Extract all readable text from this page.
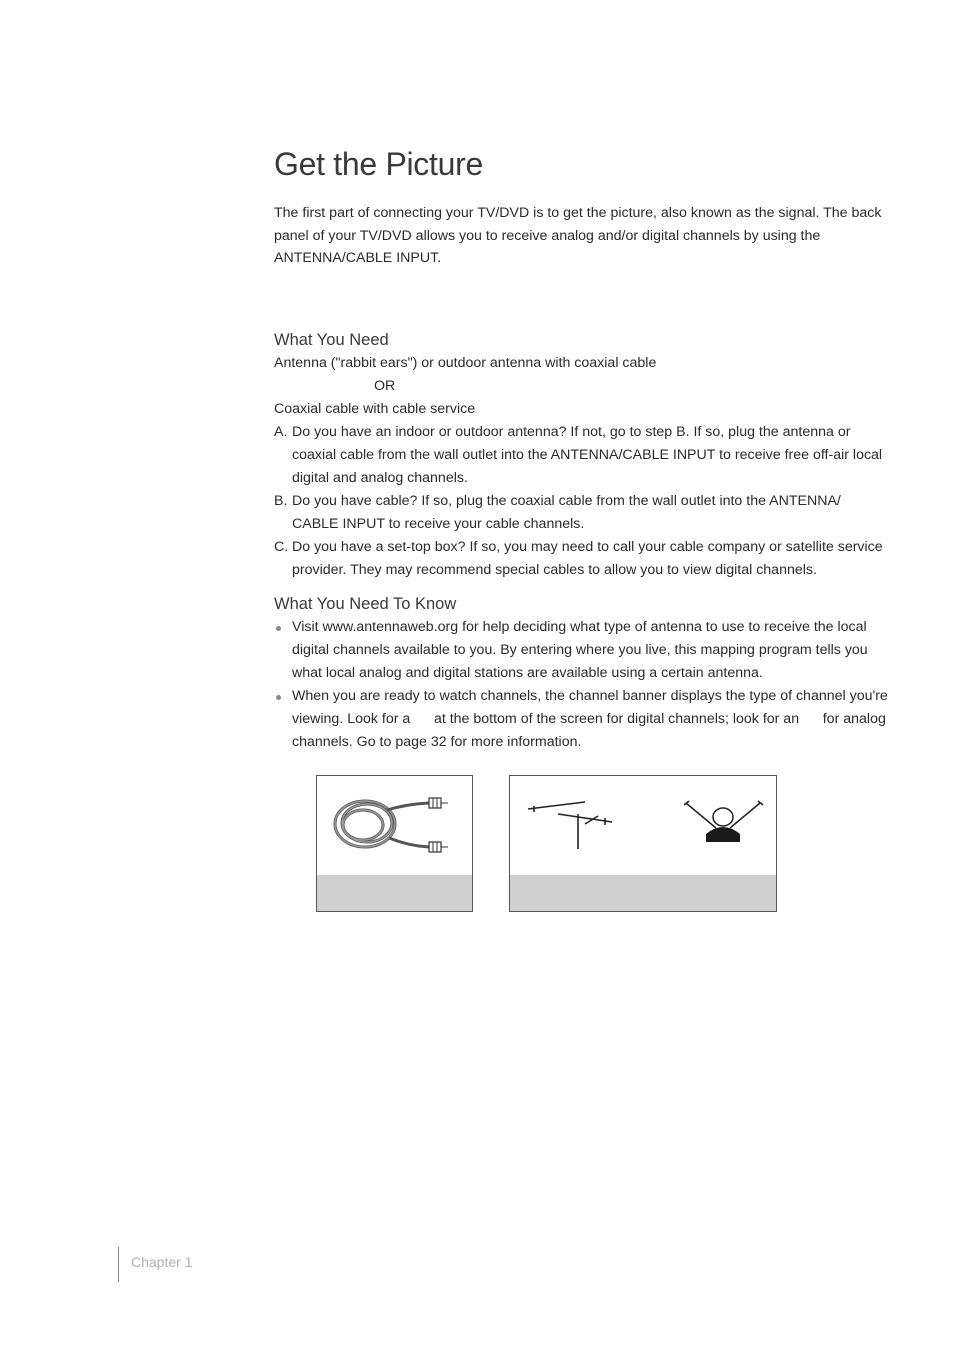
Get the Picture

The first part of connecting your TV/DVD is to get the picture, also known as the signal. The back panel of your TV/DVD allows you to receive analog and/or digital channels by using the ANTENNA/CABLE INPUT.

What You Need

Antenna ("rabbit ears") or outdoor antenna with coaxial cable

OR

Coaxial cable with cable service

A. Do you have an indoor or outdoor antenna? If not, go to step B. If so, plug the antenna or coaxial cable from the wall outlet into the ANTENNA/CABLE INPUT to receive free off-air local digital and analog channels.
B. Do you have cable? If so, plug the coaxial cable from the wall outlet into the ANTENNA/ CABLE INPUT to receive your cable channels.
C. Do you have a set-top box? If so, you may need to call your cable company or satellite service provider. They may recommend special cables to allow you to view digital channels.
What You Need To Know
Visit www.antennaweb.org for help deciding what type of antenna to use to receive the local digital channels available to you. By entering where you live, this mapping program tells you what local analog and digital stations are available using a certain antenna.
When you are ready to watch channels, the channel banner displays the type of channel you're viewing. Look for a      at the bottom of the screen for digital channels; look for an      for analog channels. Go to page 32 for more information.
Chapter 1
